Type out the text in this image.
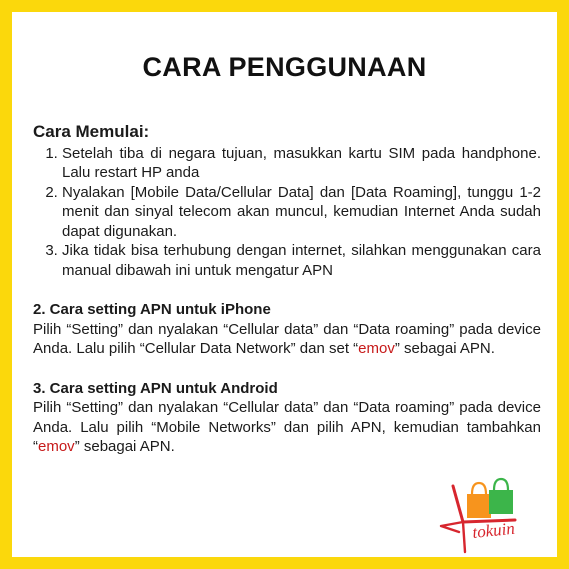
CARA PENGGUNAAN
Cara Memulai:
1. Setelah tiba di negara tujuan, masukkan kartu SIM pada handphone. Lalu restart HP anda
2. Nyalakan [Mobile Data/Cellular Data] dan [Data Roaming], tunggu 1-2 menit dan sinyal telecom akan muncul, kemudian Internet Anda sudah dapat digunakan.
3. Jika tidak bisa terhubung dengan internet, silahkan menggunakan cara manual dibawah ini untuk mengatur APN
2. Cara setting APN untuk iPhone
Pilih “Setting” dan nyalakan “Cellular data” dan “Data roaming” pada device Anda. Lalu pilih “Cellular Data Network” dan set “emov” sebagai APN.
3. Cara setting APN untuk Android
Pilih “Setting” dan nyalakan “Cellular data” dan “Data roaming” pada device Anda. Lalu pilih “Mobile Networks” dan pilih APN, kemudian tambahkan “emov” sebagai APN.
tokuin
